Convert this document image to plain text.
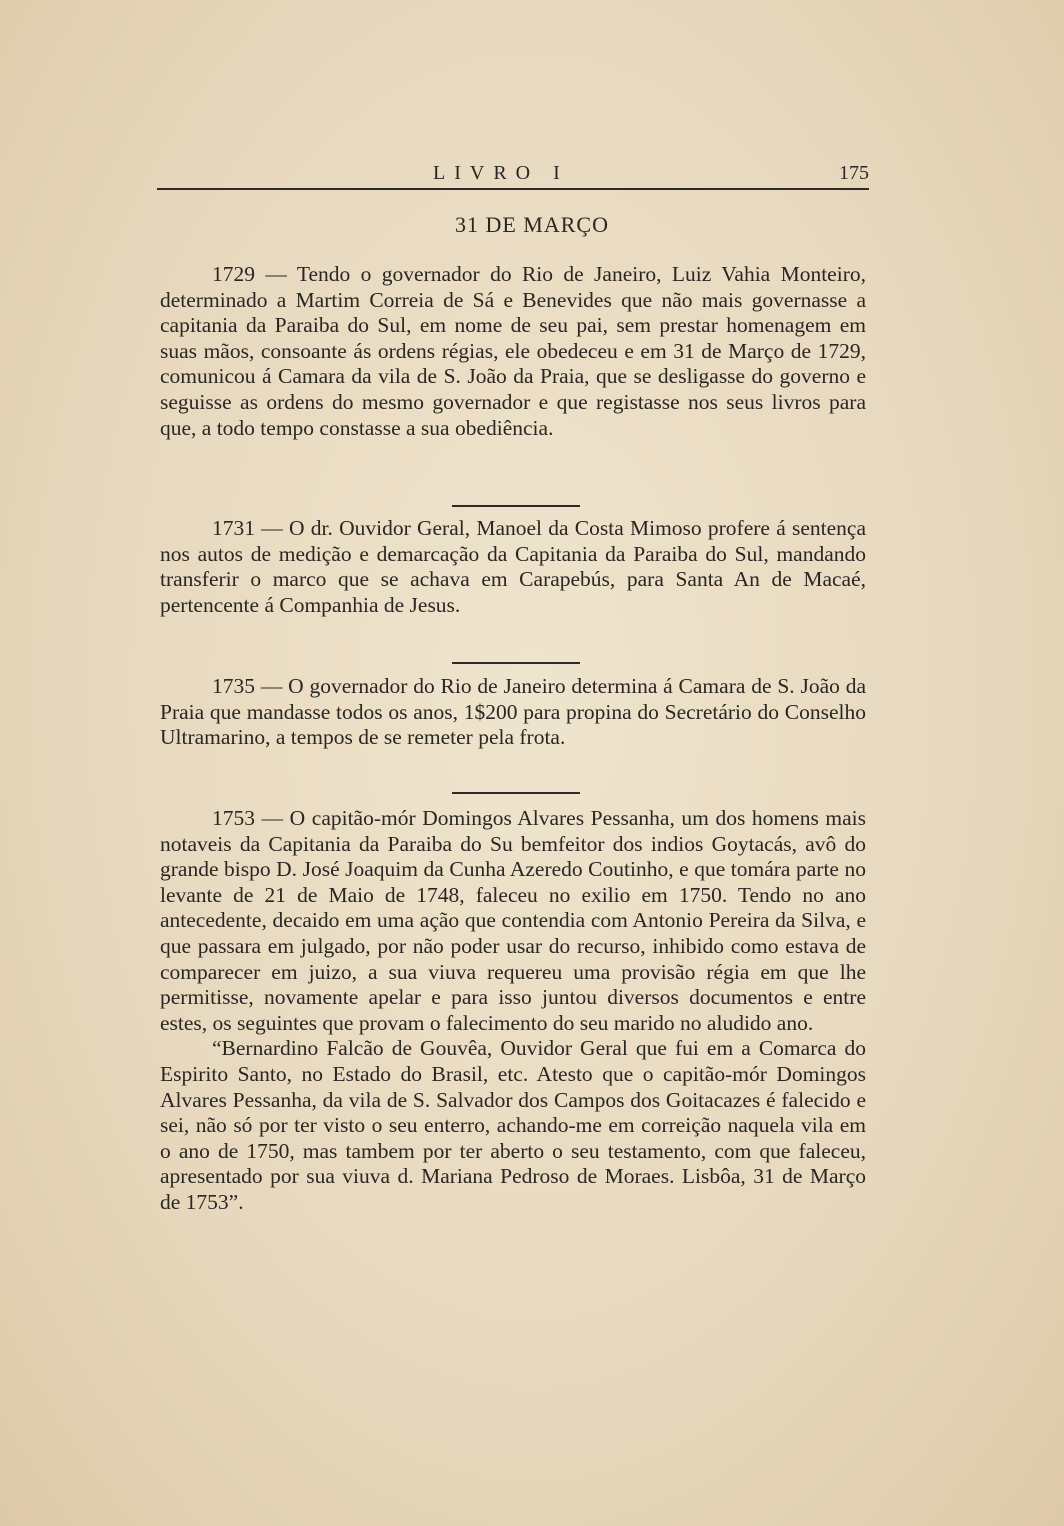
LIVRO I	175
31 DE MARÇO

1729 — Tendo o governador do Rio de Janeiro, Luiz Vahia Monteiro, determinado a Martim Correia de Sá e Benevides que não mais governasse a capitania da Paraiba do Sul, em nome de seu pai, sem prestar homenagem em suas mãos, consoante ás ordens régias, ele obedeceu e em 31 de Março de 1729, comunicou á Camara da vila de S. João da Praia, que se desligasse do governo e seguisse as ordens do mesmo governador e que registasse nos seus livros para que, a todo tempo constasse a sua obediência.

1731 — O dr. Ouvidor Geral, Manoel da Costa Mimoso profere á sentença nos autos de medição e demarcação da Capitania da Paraiba do Sul, mandando transferir o marco que se achava em Carapebús, para Santa An de Macaé, pertencente á Companhia de Jesus.

1735 — O governador do Rio de Janeiro determina á Camara de S. João da Praia que mandasse todos os anos, 1$200 para propina do Secretário do Conselho Ultramarino, a tempos de se remeter pela frota.

1753 — O capitão-mór Domingos Alvares Pessanha, um dos homens mais notaveis da Capitania da Paraiba do Su bemfeitor dos indios Goytacás, avô do grande bispo D. José Joaquim da Cunha Azeredo Coutinho, e que tomára parte no levante de 21 de Maio de 1748, faleceu no exilio em 1750. Tendo no ano antecedente, decaido em uma ação que contendia com Antonio Pereira da Silva, e que passara em julgado, por não poder usar do recurso, inhibido como estava de comparecer em juizo, a sua viuva requereu uma provisão régia em que lhe permitisse, novamente apelar e para isso juntou diversos documentos e entre estes, os seguintes que provam o falecimento do seu marido no aludido ano.

“Bernardino Falcão de Gouvêa, Ouvidor Geral que fui em a Comarca do Espirito Santo, no Estado do Brasil, etc. Atesto que o capitão-mór Domingos Alvares Pessanha, da vila de S. Salvador dos Campos dos Goitacazes é falecido e sei, não só por ter visto o seu enterro, achando-me em correição naquela vila em o ano de 1750, mas tambem por ter aberto o seu testamento, com que faleceu, apresentado por sua viuva d. Mariana Pedroso de Moraes. Lisbôa, 31 de Março de 1753”.
